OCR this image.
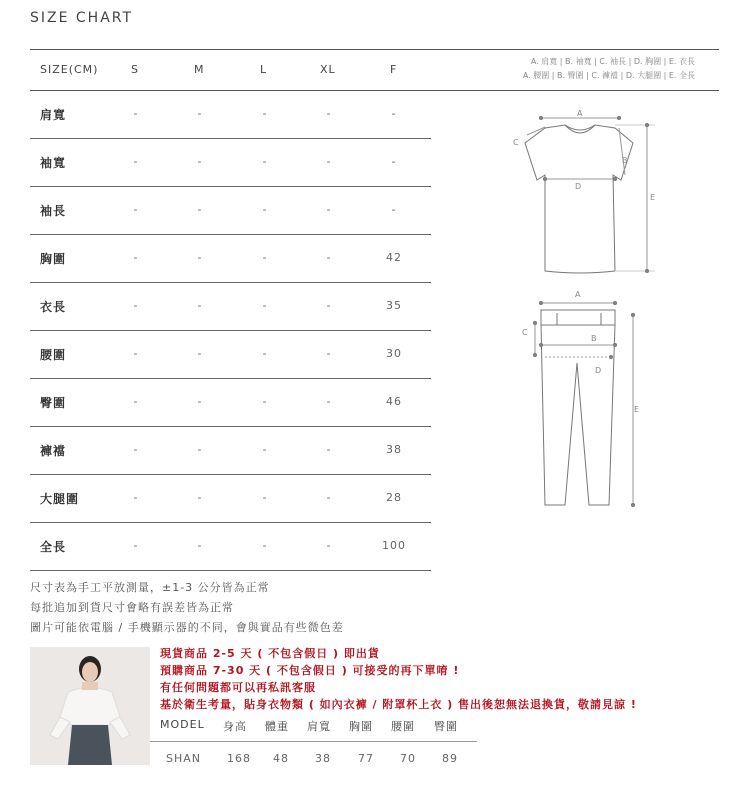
SIZE CHART
SIZE(CM)	S	M	L	XL	F
A. 肩寬 | B. 袖寬 | C. 袖長 | D. 胸圍 | E. 衣長
A. 腰圍 | B. 臀圍 | C. 褲襠 | D. 大腿圍 | E. 全長
肩寬	-	-	-	-	-
袖寬	-	-	-	-	-
袖長	-	-	-	-	-
胸圍	-	-	-	-	42
衣長	-	-	-	-	35
腰圍	-	-	-	-	30
臀圍	-	-	-	-	46
褲襠	-	-	-	-	38
大腿圍	-	-	-	-	28
全長	-	-	-	-	100
A
B
C
D
E
A
B
C
D
E
尺寸表為手工平放測量，±1-3 公分皆為正常
每批追加到貨尺寸會略有誤差皆為正常
圖片可能依電腦 / 手機顯示器的不同，會與實品有些微色差
現貨商品 2-5 天 ( 不包含假日 ) 即出貨
預購商品 7-30 天 ( 不包含假日 ) 可接受的再下單唷 !
有任何問題都可以再私訊客服
基於衛生考量，貼身衣物類 ( 如內衣褲 / 附罩杯上衣 ) 售出後恕無法退換貨，敬請見諒 !
MODEL 身高 體重 肩寬 胸圍 腰圍 臀圍
SHAN 168 48 38 77 70 89
